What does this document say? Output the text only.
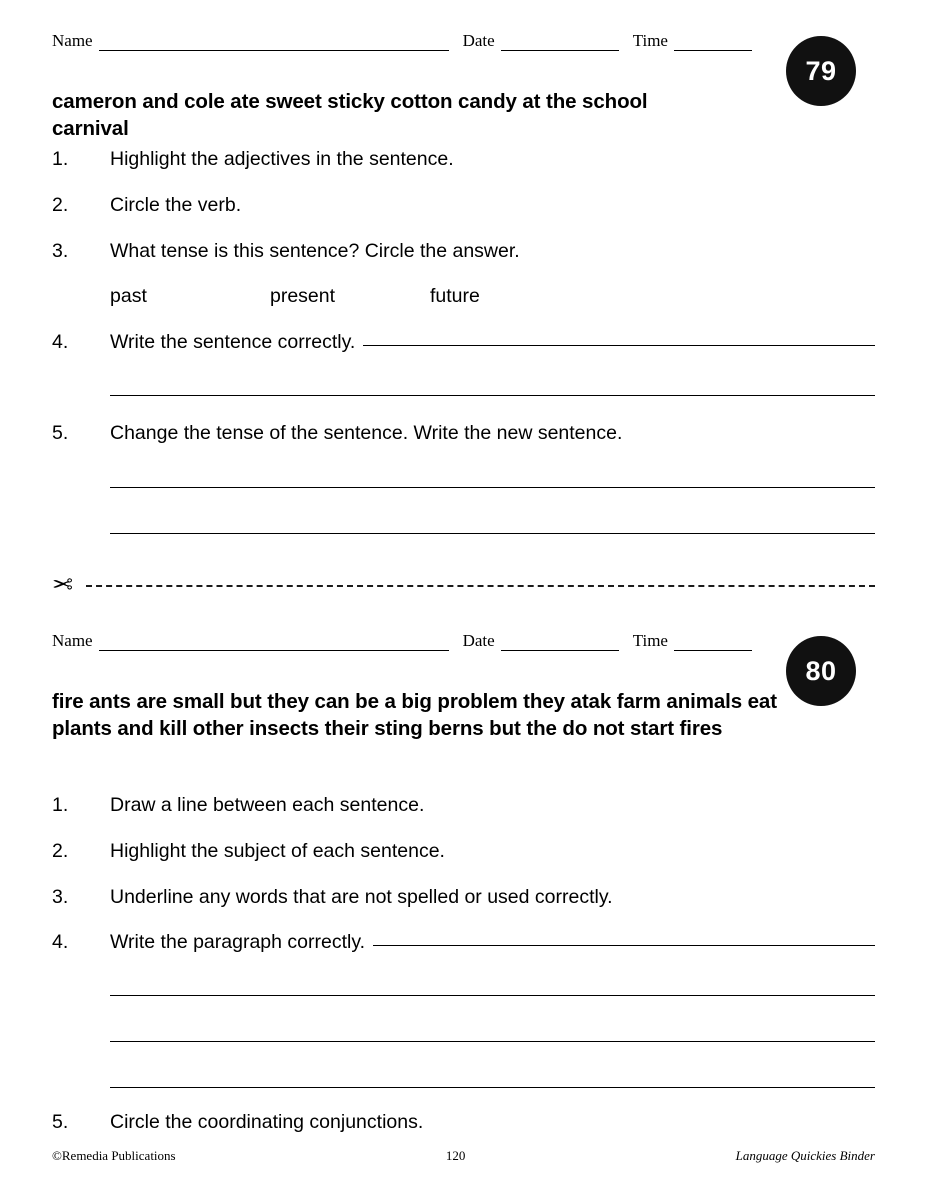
Name	Date	Time
79
cameron and cole ate sweet sticky cotton candy at the school carnival
1.	Highlight the adjectives in the sentence.
2.	Circle the verb.
3.	What tense is this sentence? Circle the answer.
past	present	future
4.	Write the sentence correctly.
5.	Change the tense of the sentence. Write the new sentence.
✂
Name	Date	Time
80
fire ants are small but they can be a big problem they atak farm animals eat plants and kill other insects their sting berns but the do not start fires
1.	Draw a line between each sentence.
2.	Highlight the subject of each sentence.
3.	Underline any words that are not spelled or used correctly.
4.	Write the paragraph correctly.
5.	Circle the coordinating conjunctions.
©Remedia Publications	120	Language Quickies Binder
